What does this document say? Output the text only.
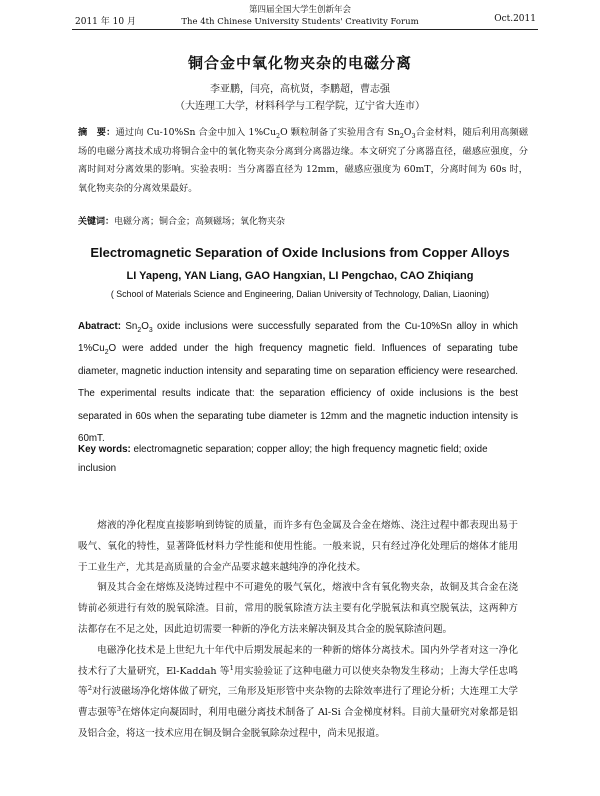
第四届全国大学生创新年会
The 4th Chinese University Students' Creativity Forum
2011 年 10 月	Oct.2011
铜合金中氧化物夹杂的电磁分离
李亚鹏，闫亮，高杭贤，李鹏超，曹志强
（大连理工大学，材料科学与工程学院，辽宁省大连市）
摘　要：通过向 Cu-10%Sn 合金中加入 $1\%Cu_2O$ 颗粒制备了实验用含有 $Sn_2O_3$合金材料，随后利用高频磁场的电磁分离技术成功将铜合金中的氧化物夹杂分离到分离器边缘。本文研究了分离器直径，磁感应强度，分离时间对分离效果的影响。实验表明：当分离器直径为 12mm，磁感应强度为 60mT，分离时间为 60s 时，氧化物夹杂的分离效果最好。
关键词：电磁分离；铜合金；高频磁场；氧化物夹杂
Electromagnetic Separation of Oxide Inclusions from Copper Alloys
LI Yapeng, YAN Liang, GAO Hangxian, LI Pengchao, CAO Zhiqiang
( School of Materials Science and Engineering, Dalian University of Technology, Dalian, Liaoning)
Abatract: $Sn_2O_3$ oxide inclusions were successfully separated from the Cu-10%Sn alloy in which $1\%Cu_2O$ were added under the high frequency magnetic field. Influences of separating tube diameter, magnetic induction intensity and separating time on separation efficiency were researched. The experimental results indicate that: the separation efficiency of oxide inclusions is the best separated in 60s when the separating tube diameter is 12mm and the magnetic induction intensity is 60mT.
Key words: electromagnetic separation; copper alloy; the high frequency magnetic field; oxide inclusion

熔液的净化程度直接影响到铸锭的质量，而许多有色金属及合金在熔炼、浇注过程中都表现出易于吸气、氧化的特性，显著降低材料力学性能和使用性能。一般来说，只有经过净化处理后的熔体才能用于工业生产，尤其是高质量的合金产品要求越来越纯净的净化技术。

铜及其合金在熔炼及浇铸过程中不可避免的吸气氧化，熔液中含有氧化物夹杂，故铜及其合金在浇铸前必须进行有效的脱氧除渣。目前，常用的脱氧除渣方法主要有化学脱氧法和真空脱氧法，这两种方法都存在不足之处，因此迫切需要一种新的净化方法来解决铜及其合金的脱氧除渣问题。

电磁净化技术是上世纪九十年代中后期发展起来的一种新的熔体分离技术。国内外学者对这一净化技术行了大量研究，El-Kaddah 等$^1$用实验验证了这种电磁力可以使夹杂物发生移动；上海大学任忠鸣等$^2$对行波磁场净化熔体做了研究，三角形及矩形管中夹杂物的去除效率进行了理论分析；大连理工大学曹志强等$^3$在熔体定向凝固时，利用电磁分离技术制备了 Al-Si 合金梯度材料。目前大量研究对象都是铝及铝合金，将这一技术应用在铜及铜合金脱氧除杂过程中，尚未见报道。
